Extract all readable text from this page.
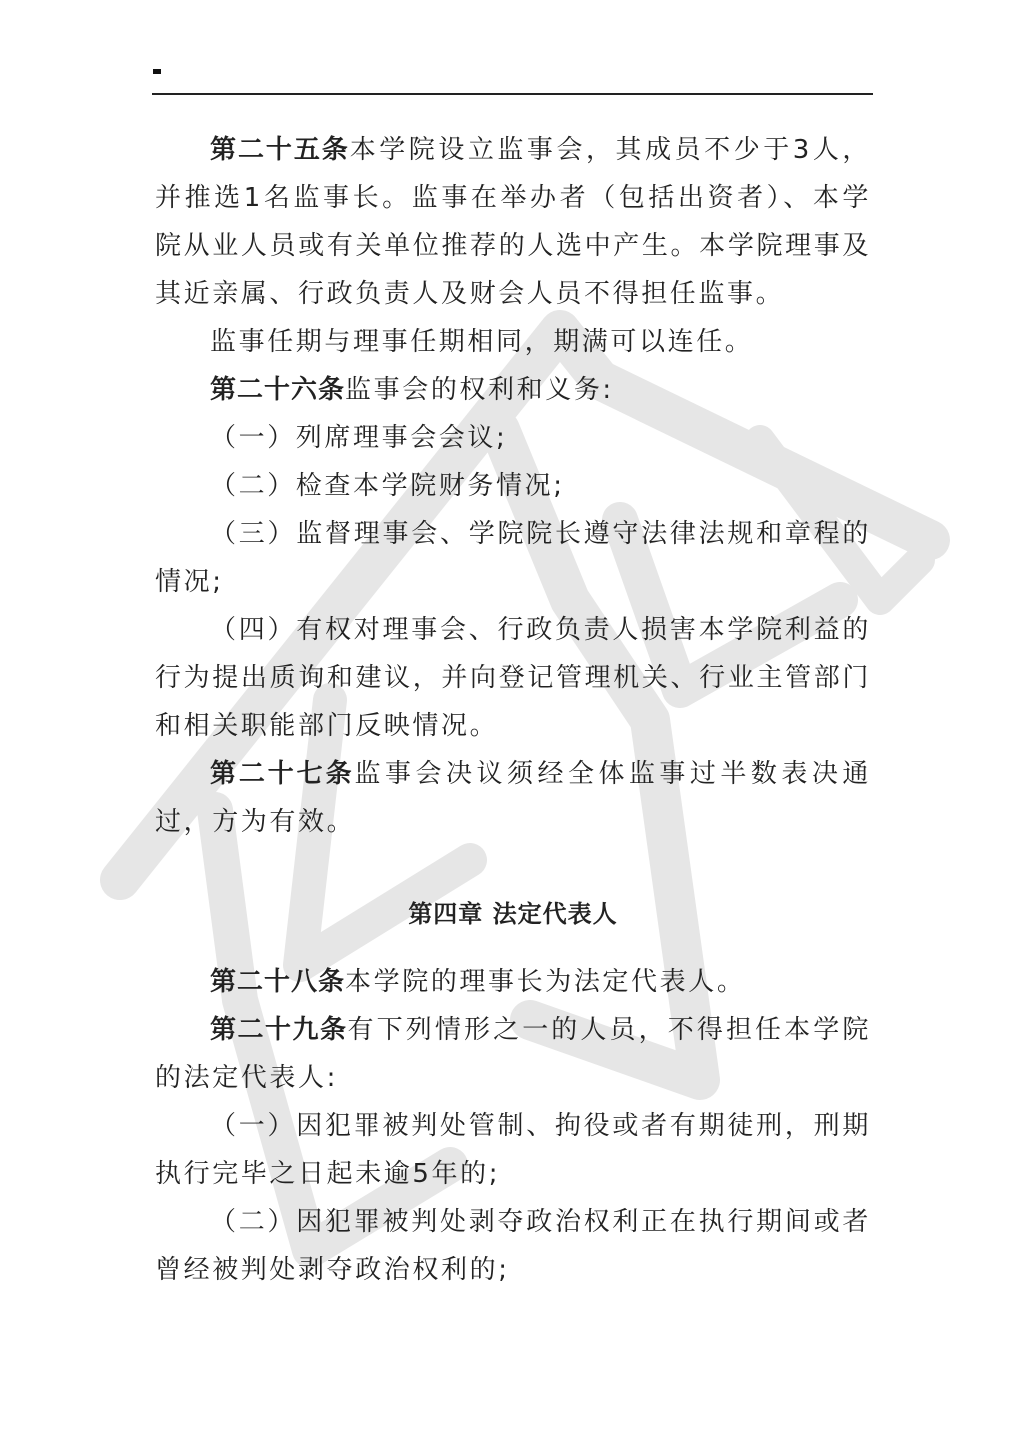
第二十五条本学院设立监事会，其成员不少于3人，并推选1名监事长。监事在举办者（包括出资者）、本学院从业人员或有关单位推荐的人选中产生。本学院理事及其近亲属、行政负责人及财会人员不得担任监事。

监事任期与理事任期相同，期满可以连任。

第二十六条监事会的权利和义务:

（一）列席理事会会议;

（二）检查本学院财务情况;

（三）监督理事会、学院院长遵守法律法规和章程的情况;

（四）有权对理事会、行政负责人损害本学院利益的行为提出质询和建议，并向登记管理机关、行业主管部门和相关职能部门反映情况。

第二十七条监事会决议须经全体监事过半数表决通过，方为有效。

第四章 法定代表人

第二十八条本学院的理事长为法定代表人。

第二十九条有下列情形之一的人员，不得担任本学院的法定代表人:

（一）因犯罪被判处管制、拘役或者有期徒刑，刑期执行完毕之日起未逾5年的;

（二）因犯罪被判处剥夺政治权利正在执行期间或者曾经被判处剥夺政治权利的;
